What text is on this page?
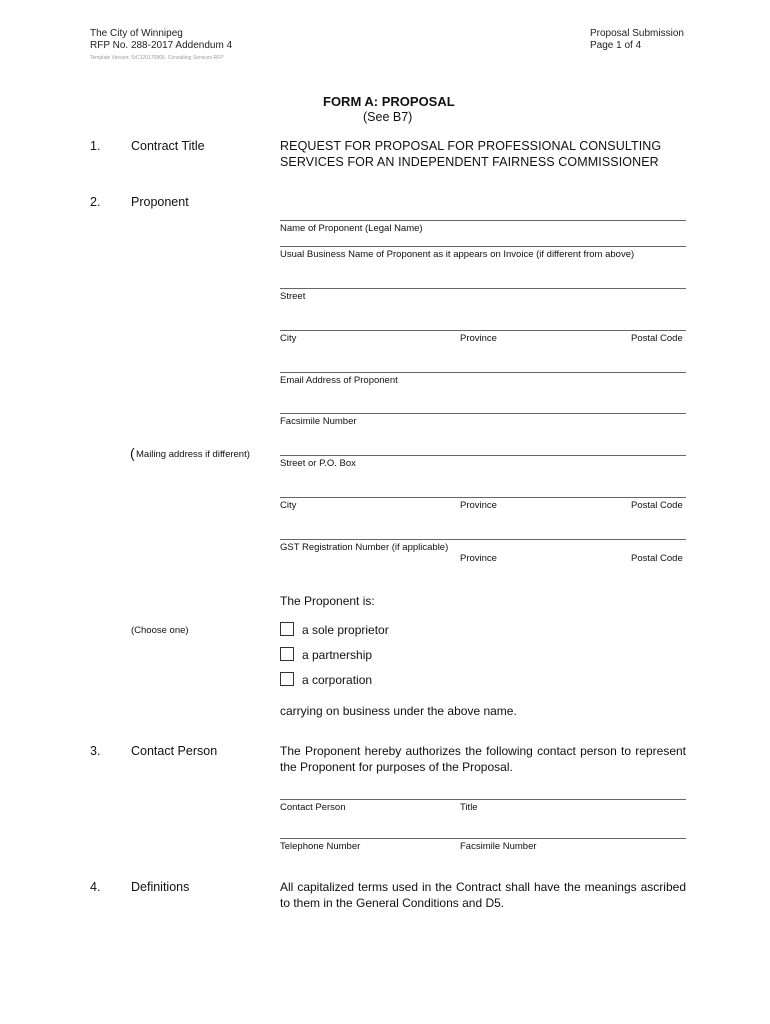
The City of Winnipeg
RFP No. 288-2017 Addendum 4
Template Version: SrC120170905- Consulting Services RFP
Proposal Submission
Page 1 of 4
FORM A: PROPOSAL
(See B7)
1. Contract Title	REQUEST FOR PROPOSAL FOR PROFESSIONAL CONSULTING
SERVICES FOR AN INDEPENDENT FAIRNESS COMMISSIONER
2. Proponent
Name of Proponent (Legal Name)
Usual Business Name of Proponent as it appears on Invoice (if different from above)
Street
City	Province	Postal Code
Email Address of Proponent
Facsimile Number
( Mailing address if different)
Street or P.O. Box
City	Province	Postal Code
GST Registration Number (if applicable)
Province	Postal Code
The Proponent is:
(Choose one)	a sole proprietor
a partnership
a corporation
carrying on business under the above name.
3. Contact Person	The Proponent hereby authorizes the following contact person to represent the Proponent for purposes of the Proposal.
Contact Person	Title
Telephone Number	Facsimile Number
4. Definitions	All capitalized terms used in the Contract shall have the meanings ascribed to them in the General Conditions and D5.
